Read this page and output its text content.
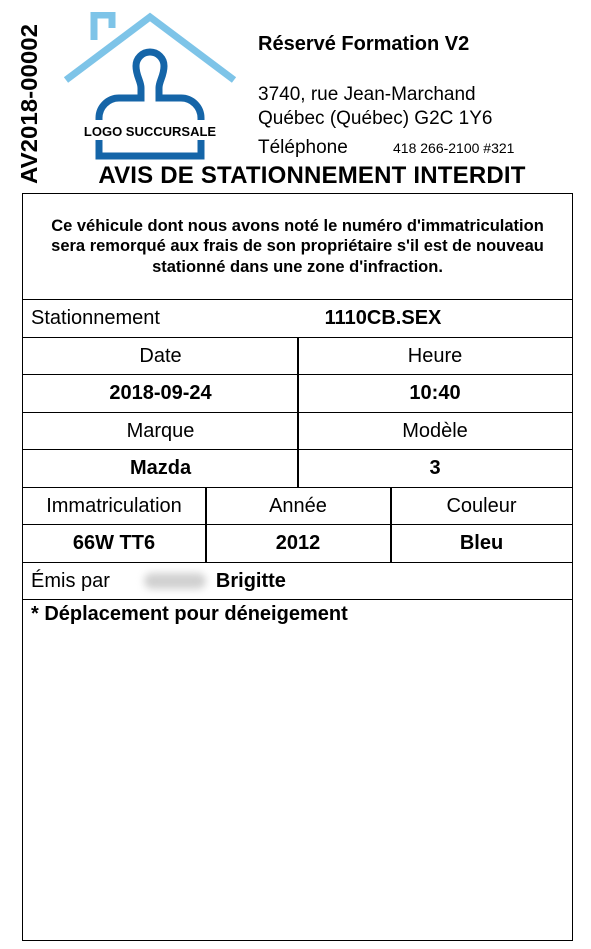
AV2018-00002	LOGO SUCCURSALE
Réservé Formation V2
3740, rue Jean-Marchand
Québec (Québec) G2C 1Y6
Téléphone	418 266-2100 #321
AVIS DE STATIONNEMENT INTERDIT
Ce véhicule dont nous avons noté le numéro d'immatriculation sera remorqué aux frais de son propriétaire s'il est de nouveau stationné dans une zone d'infraction.
Stationnement	1110CB.SEX
Date	Heure
2018-09-24	10:40
Marque	Modèle
Mazda	3
Immatriculation	Année	Couleur
66W TT6	2012	Bleu
Émis par	Brigitte
* Déplacement pour déneigement
